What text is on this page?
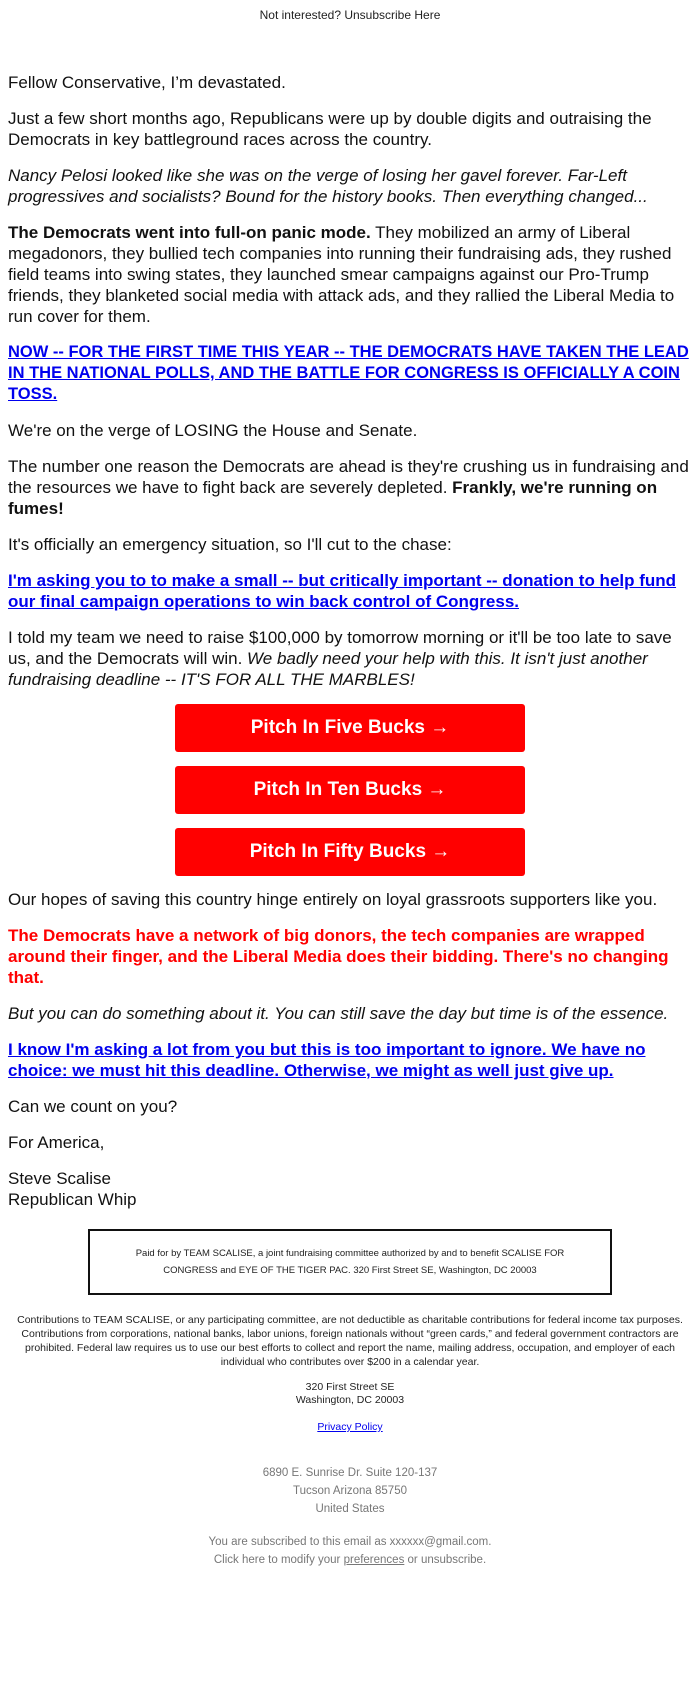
Not interested? Unsubscribe Here

Fellow Conservative, I’m devastated.

Just a few short months ago, Republicans were up by double digits and outraising the Democrats in key battleground races across the country.

Nancy Pelosi looked like she was on the verge of losing her gavel forever. Far-Left progressives and socialists? Bound for the history books. Then everything changed...

The Democrats went into full-on panic mode. They mobilized an army of Liberal megadonors, they bullied tech companies into running their fundraising ads, they rushed field teams into swing states, they launched smear campaigns against our Pro-Trump friends, they blanketed social media with attack ads, and they rallied the Liberal Media to run cover for them.

NOW -- FOR THE FIRST TIME THIS YEAR -- THE DEMOCRATS HAVE TAKEN THE LEAD IN THE NATIONAL POLLS, AND THE BATTLE FOR CONGRESS IS OFFICIALLY A COIN TOSS.

We're on the verge of LOSING the House and Senate.

The number one reason the Democrats are ahead is they're crushing us in fundraising and the resources we have to fight back are severely depleted. Frankly, we're running on fumes!

It's officially an emergency situation, so I'll cut to the chase:

I'm asking you to to make a small -- but critically important -- donation to help fund our final campaign operations to win back control of Congress.

I told my team we need to raise $100,000 by tomorrow morning or it'll be too late to save us, and the Democrats will win. We badly need your help with this. It isn't just another fundraising deadline -- IT'S FOR ALL THE MARBLES!

Pitch In Five Bucks →
Pitch In Ten Bucks →
Pitch In Fifty Bucks →

Our hopes of saving this country hinge entirely on loyal grassroots supporters like you.

The Democrats have a network of big donors, the tech companies are wrapped around their finger, and the Liberal Media does their bidding. There's no changing that.

But you can do something about it. You can still save the day but time is of the essence.

I know I'm asking a lot from you but this is too important to ignore. We have no choice: we must hit this deadline. Otherwise, we might as well just give up.

Can we count on you?

For America,

Steve Scalise

Republican Whip

Paid for by TEAM SCALISE, a joint fundraising committee authorized by and to benefit SCALISE FOR CONGRESS and EYE OF THE TIGER PAC. 320 First Street SE, Washington, DC 20003
Contributions to TEAM SCALISE, or any participating committee, are not deductible as charitable contributions for federal income tax purposes. Contributions from corporations, national banks, labor unions, foreign nationals without “green cards,” and federal government contractors are prohibited. Federal law requires us to use our best efforts to collect and report the name, mailing address, occupation, and employer of each individual who contributes over $200 in a calendar year.
320 First Street SE
Washington, DC 20003
Privacy Policy
6890 E. Sunrise Dr. Suite 120-137
Tucson Arizona 85750
United States
You are subscribed to this email as xxxxxx@gmail.com.
Click here to modify your preferences or unsubscribe.
